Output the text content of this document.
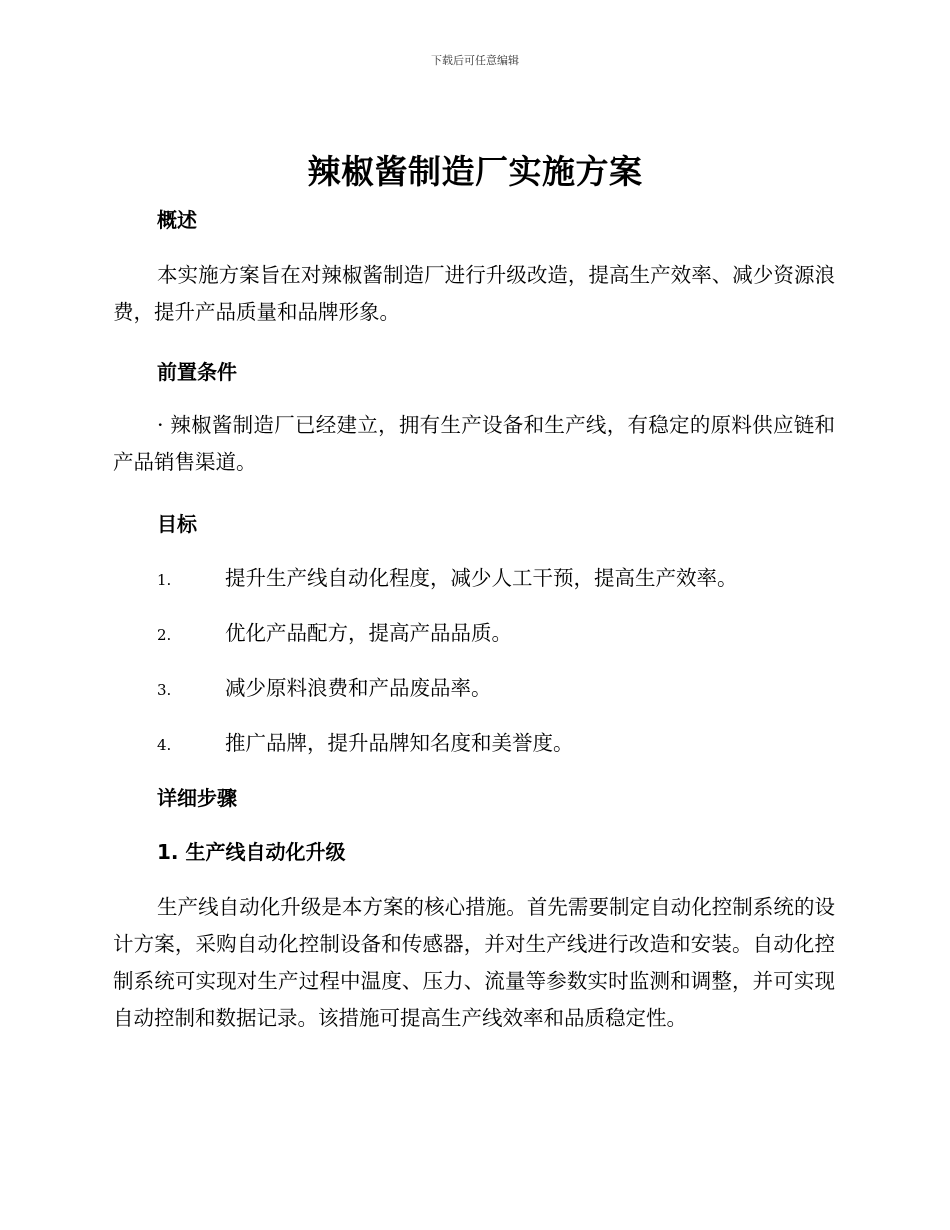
下载后可任意编辑
辣椒酱制造厂实施方案
概述

本实施方案旨在对辣椒酱制造厂进行升级改造，提高生产效率、减少资源浪费，提升产品质量和品牌形象。

前置条件

· 辣椒酱制造厂已经建立，拥有生产设备和生产线，有稳定的原料供应链和产品销售渠道。

目标
1.	提升生产线自动化程度，减少人工干预，提高生产效率。
2.	优化产品配方，提高产品品质。
3.	减少原料浪费和产品废品率。
4.	推广品牌，提升品牌知名度和美誉度。
详细步骤
1. 生产线自动化升级

生产线自动化升级是本方案的核心措施。首先需要制定自动化控制系统的设计方案，采购自动化控制设备和传感器，并对生产线进行改造和安装。自动化控制系统可实现对生产过程中温度、压力、流量等参数实时监测和调整，并可实现自动控制和数据记录。该措施可提高生产线效率和品质稳定性。
